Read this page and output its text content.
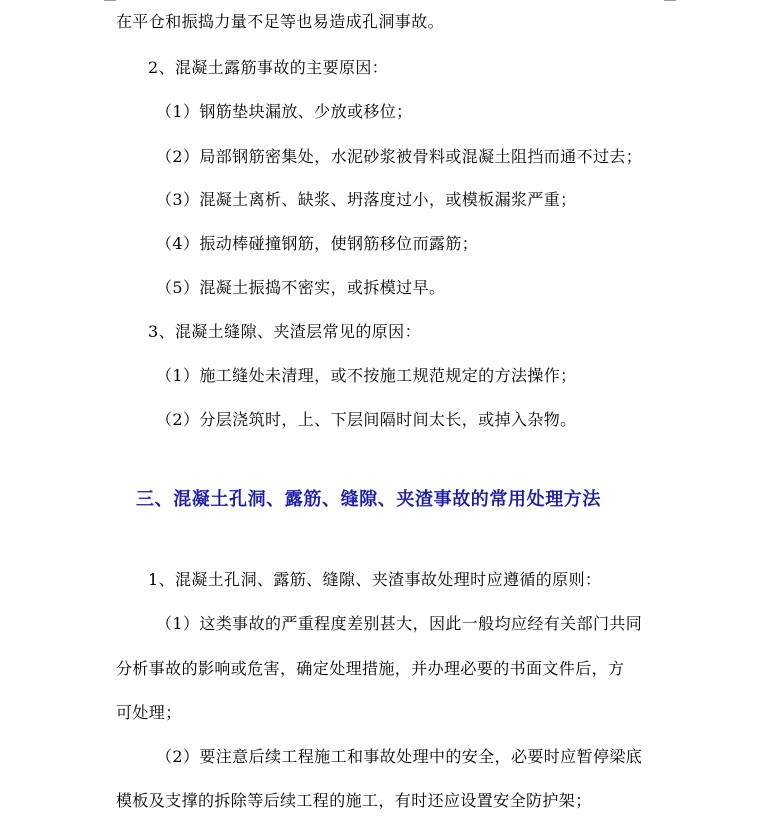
在平仓和振捣力量不足等也易造成孔洞事故。
2、混凝土露筋事故的主要原因：
（1）钢筋垫块漏放、少放或移位；
（2）局部钢筋密集处，水泥砂浆被骨料或混凝土阻挡而通不过去；
（3）混凝土离析、缺浆、坍落度过小，或模板漏浆严重；
（4）振动棒碰撞钢筋，使钢筋移位而露筋；
（5）混凝土振捣不密实，或拆模过早。
3、混凝土缝隙、夹渣层常见的原因：
（1）施工缝处未清理，或不按施工规范规定的方法操作；
（2）分层浇筑时，上、下层间隔时间太长，或掉入杂物。
三、混凝土孔洞、露筋、缝隙、夹渣事故的常用处理方法
1、混凝土孔洞、露筋、缝隙、夹渣事故处理时应遵循的原则：
（1）这类事故的严重程度差别甚大，因此一般均应经有关部门共同
分析事故的影响或危害，确定处理措施，并办理必要的书面文件后，方
可处理；
（2）要注意后续工程施工和事故处理中的安全，必要时应暂停梁底
模板及支撑的拆除等后续工程的施工，有时还应设置安全防护架；
